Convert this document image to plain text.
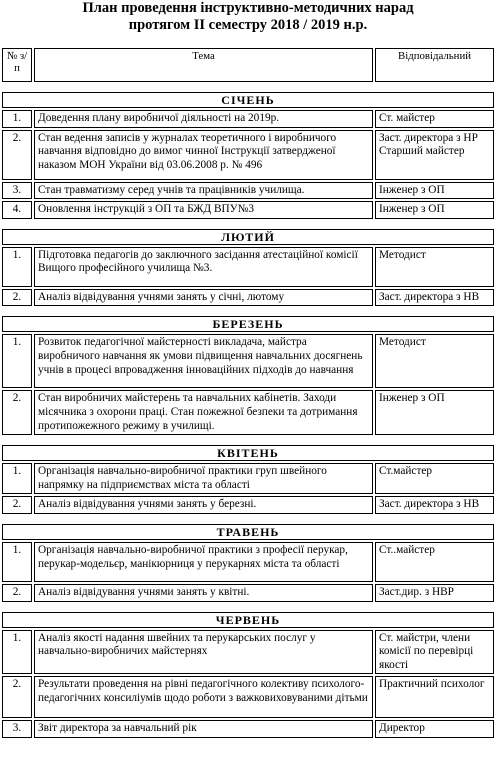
План проведення інструктивно-методичних нарад
протягом II семестру 2018 / 2019 н.р.
№ з/п	Тема	Відповідальний

СІЧЕНЬ		
1.	Доведення плану виробничої діяльності на 2019р.	Ст. майстер
2.	Стан ведення записів у журналах теоретичного і виробничого навчання відповідно до вимог чинної Інструкції затвердженої наказом МОН України від 03.06.2008 р. № 496	Заст. директора з НР
Старший майстер
3.	Стан травматизму серед учнів та працівників училища.	Інженер з ОП
4.	Оновлення інструкцій з ОП та БЖД ВПУ№3	Інженер з ОП

ЛЮТИЙ		
1.	Підготовка педагогів до заключного засідання атестаційної комісії Вищого професійного училища №3.	Методист
2.	Аналіз відвідування учнями занять у січні, лютому	Заст. директора з НВ

БЕРЕЗЕНЬ		
1.	Розвиток педагогічної майстерності викладача, майстра виробничого навчання як умови підвищення навчальних досягнень учнів в процесі впровадження інноваційних підходів до навчання	Методист
2.	Стан виробничих майстерень та навчальних кабінетів. Заходи місячника з охорони праці. Стан пожежної безпеки та дотримання протипожежного режиму в училищі.	Інженер з ОП

КВІТЕНЬ		
1.	Організація навчально-виробничої практики груп швейного напрямку на підприємствах міста та області	Ст.майстер
2.	Аналіз відвідування учнями занять у березні.	Заст. директора з НВ

ТРАВЕНЬ		
1.	Організація навчально-виробничої практики з професії перукар, перукар-модельєр, манікюрниця у перукарнях міста та області	Ст..майстер
2.	Аналіз відвідування учнями занять у квітні.	Заст.дир. з НВР

ЧЕРВЕНЬ		
1.	Аналіз якості надання швейних та перукарських послуг у навчально-виробничих майстернях	Ст. майстри, члени
комісії по перевірці
якості
2.	Результати проведення на рівні педагогічного колективу психолого-педагогічних консиліумів щодо роботи з важковиховуваними дітьми	Практичний психолог
3.	Звіт директора за навчальний рік	Директор
